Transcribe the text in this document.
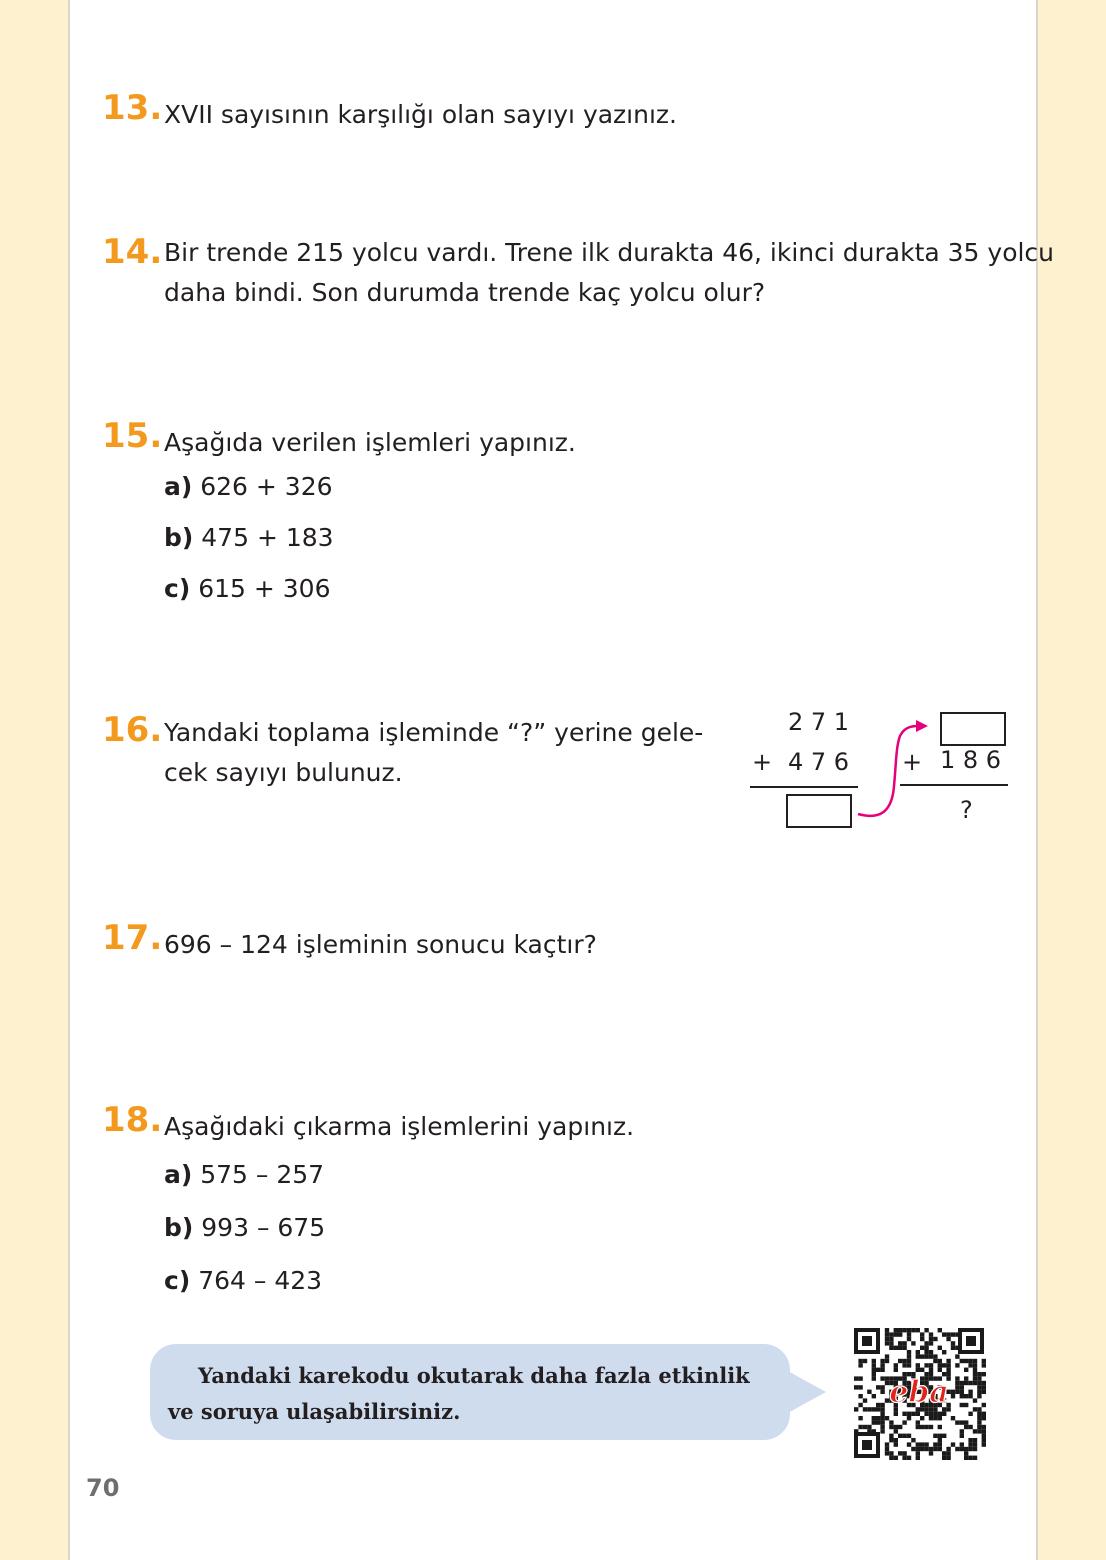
13. XVII sayısının karşılığı olan sayıyı yazınız.
14. Bir trende 215 yolcu vardı. Trene ilk durakta 46, ikinci durakta 35 yolcu
daha bindi. Son durumda trende kaç yolcu olur?
15. Aşağıda verilen işlemleri yapınız.
a) 626 + 326
b) 475 + 183
c) 615 + 306
16. Yandaki toplama işleminde “?” yerine gele-
cek sayıyı bulunuz.
2 7 1
+ 4 7 6 + 1 8 6
?
17. 696 – 124 işleminin sonucu kaçtır?
18. Aşağıdaki çıkarma işlemlerini yapınız.
a) 575 – 257
b) 993 – 675
c) 764 – 423
Yandaki karekodu okutarak daha fazla etkinlik ve soruya ulaşabilirsiniz.
eba
70
